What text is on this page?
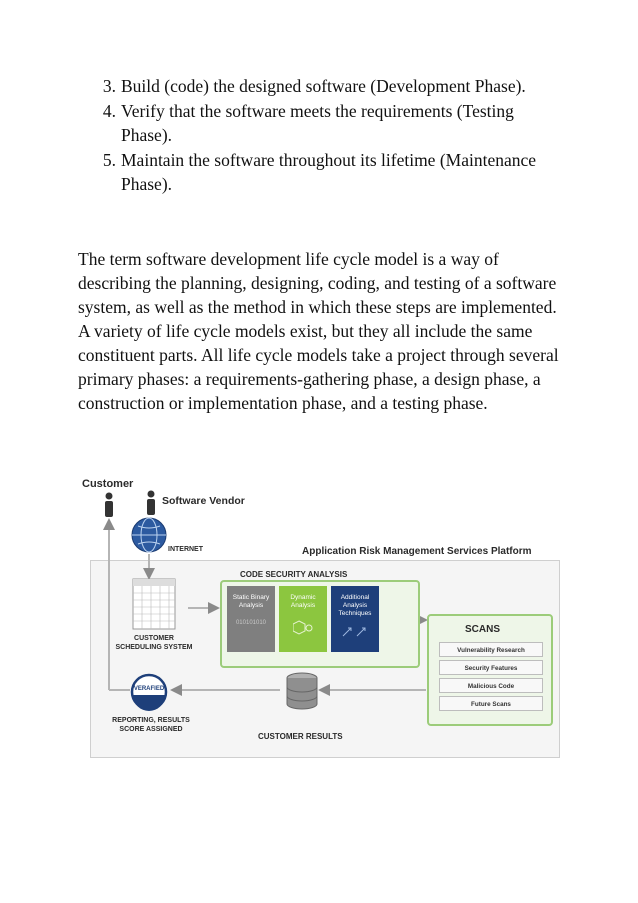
3. Build (code) the designed software (Development Phase).
4. Verify that the software meets the requirements (Testing Phase).
5. Maintain the software throughout its lifetime (Maintenance Phase).

The term software development life cycle model is a way of describing the planning, designing, coding, and testing of a software system, as well as the method in which these steps are implemented. A variety of life cycle models exist, but they all include the same constituent parts. All life cycle models take a project through several primary phases: a requirements-gathering phase, a design phase, a construction or implementation phase, and a testing phase.

Customer
Software Vendor
INTERNET	Application Risk Management Services Platform
CUSTOMER SCHEDULING SYSTEM
CODE SECURITY ANALYSIS
Static Binary Analysis
010101010
Dynamic Analysis
Additional Analysis Techniques
SCANS
Vulnerability Research
Security Features
Malicious Code
Future Scans
CUSTOMER RESULTS
VERAFIED
REPORTING, RESULTS SCORE ASSIGNED
